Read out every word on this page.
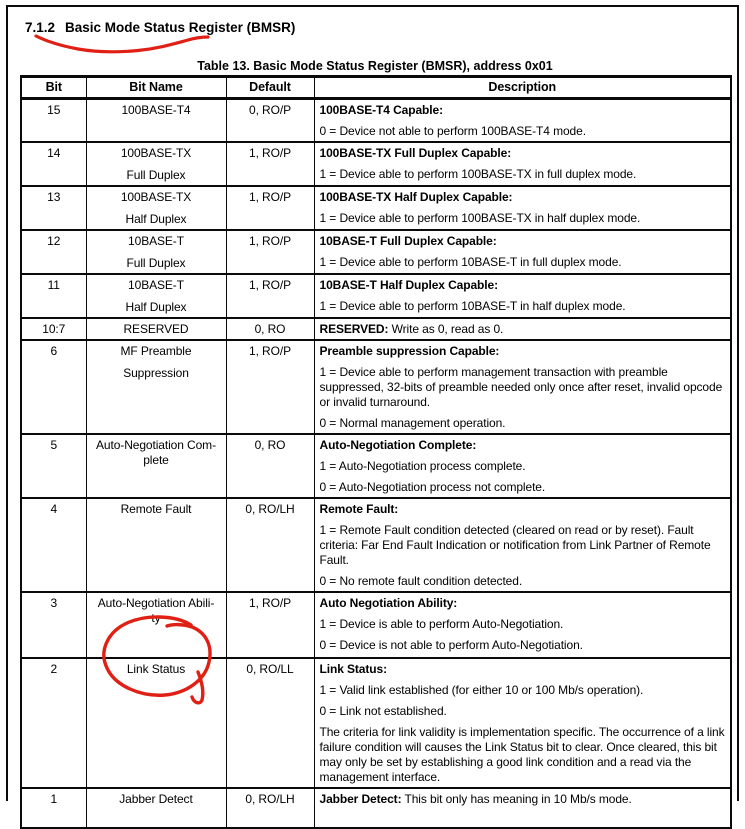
7.1.2 Basic Mode Status Register (BMSR)
Table 13. Basic Mode Status Register (BMSR), address 0x01
Bit	Bit Name	Default	Description
15	100BASE-T4	0, RO/P	100BASE-T4 Capable:
0 = Device not able to perform 100BASE-T4 mode.

14	100BASE-TX
Full Duplex	1, RO/P	100BASE-TX Full Duplex Capable:
1 = Device able to perform 100BASE-TX in full duplex mode.

13	100BASE-TX
Half Duplex	1, RO/P	100BASE-TX Half Duplex Capable:
1 = Device able to perform 100BASE-TX in half duplex mode.

12	10BASE-T
Full Duplex	1, RO/P	10BASE-T Full Duplex Capable:
1 = Device able to perform 10BASE-T in full duplex mode.

11	10BASE-T
Half Duplex	1, RO/P	10BASE-T Half Duplex Capable:
1 = Device able to perform 10BASE-T in half duplex mode.

10:7	RESERVED	0, RO	RESERVED: Write as 0, read as 0.

6	MF Preamble
Suppression	1, RO/P	Preamble suppression Capable:
1 = Device able to perform management transaction with preamble suppressed, 32-bits of preamble needed only once after reset, invalid opcode or invalid turnaround.
0 = Normal management operation.

5	Auto-Negotiation Com-
plete	0, RO	Auto-Negotiation Complete:
1 = Auto-Negotiation process complete.
0 = Auto-Negotiation process not complete.

4	Remote Fault	0, RO/LH	Remote Fault:
1 = Remote Fault condition detected (cleared on read or by reset). Fault criteria: Far End Fault Indication or notification from Link Partner of Remote Fault.
0 = No remote fault condition detected.

3	Auto-Negotiation Abili-
ty	1, RO/P	Auto Negotiation Ability:
1 = Device is able to perform Auto-Negotiation.
0 = Device is not able to perform Auto-Negotiation.

2	Link Status	0, RO/LL	Link Status:
1 = Valid link established (for either 10 or 100 Mb/s operation).
0 = Link not established.
The criteria for link validity is implementation specific. The occurrence of a link failure condition will causes the Link Status bit to clear. Once cleared, this bit may only be set by establishing a good link condition and a read via the management interface.

1	Jabber Detect	0, RO/LH	Jabber Detect: This bit only has meaning in 10 Mb/s mode.
